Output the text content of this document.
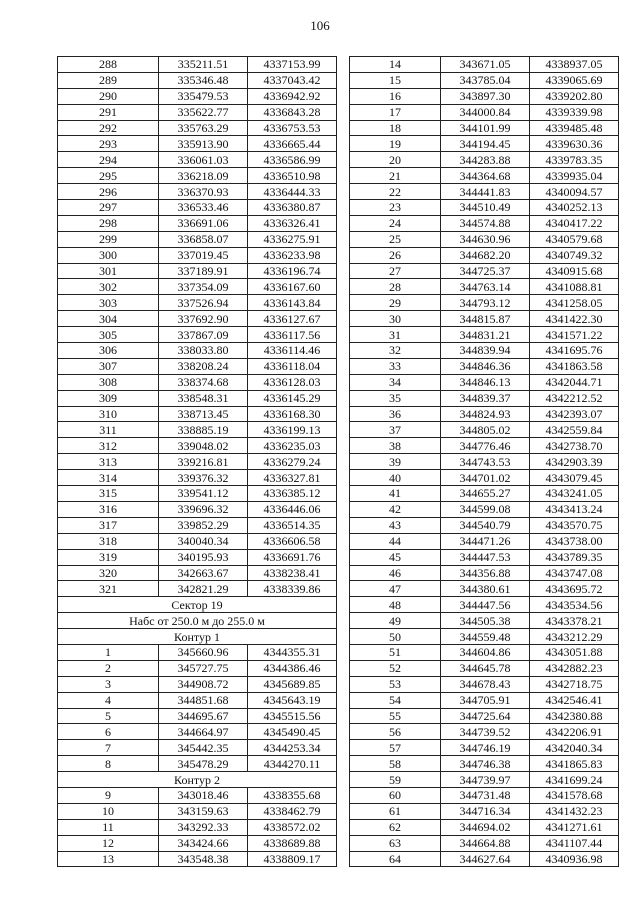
106
288	335211.51	4337153.99
289	335346.48	4337043.42
290	335479.53	4336942.92
291	335622.77	4336843.28
292	335763.29	4336753.53
293	335913.90	4336665.44
294	336061.03	4336586.99
295	336218.09	4336510.98
296	336370.93	4336444.33
297	336533.46	4336380.87
298	336691.06	4336326.41
299	336858.07	4336275.91
300	337019.45	4336233.98
301	337189.91	4336196.74
302	337354.09	4336167.60
303	337526.94	4336143.84
304	337692.90	4336127.67
305	337867.09	4336117.56
306	338033.80	4336114.46
307	338208.24	4336118.04
308	338374.68	4336128.03
309	338548.31	4336145.29
310	338713.45	4336168.30
311	338885.19	4336199.13
312	339048.02	4336235.03
313	339216.81	4336279.24
314	339376.32	4336327.81
315	339541.12	4336385.12
316	339696.32	4336446.06
317	339852.29	4336514.35
318	340040.34	4336606.58
319	340195.93	4336691.76
320	342663.67	4338238.41
321	342821.29	4338339.86
Сектор 19		
Набс от 250.0 м до 255.0 м		
Контур 1		
1	345660.96	4344355.31
2	345727.75	4344386.46
3	344908.72	4345689.85
4	344851.68	4345643.19
5	344695.67	4345515.56
6	344664.97	4345490.45
7	345442.35	4344253.34
8	345478.29	4344270.11
Контур 2		
9	343018.46	4338355.68
10	343159.63	4338462.79
11	343292.33	4338572.02
12	343424.66	4338689.88
13	343548.38	4338809.17
14	343671.05	4338937.05
15	343785.04	4339065.69
16	343897.30	4339202.80
17	344000.84	4339339.98
18	344101.99	4339485.48
19	344194.45	4339630.36
20	344283.88	4339783.35
21	344364.68	4339935.04
22	344441.83	4340094.57
23	344510.49	4340252.13
24	344574.88	4340417.22
25	344630.96	4340579.68
26	344682.20	4340749.32
27	344725.37	4340915.68
28	344763.14	4341088.81
29	344793.12	4341258.05
30	344815.87	4341422.30
31	344831.21	4341571.22
32	344839.94	4341695.76
33	344846.36	4341863.58
34	344846.13	4342044.71
35	344839.37	4342212.52
36	344824.93	4342393.07
37	344805.02	4342559.84
38	344776.46	4342738.70
39	344743.53	4342903.39
40	344701.02	4343079.45
41	344655.27	4343241.05
42	344599.08	4343413.24
43	344540.79	4343570.75
44	344471.26	4343738.00
45	344447.53	4343789.35
46	344356.88	4343747.08
47	344380.61	4343695.72
48	344447.56	4343534.56
49	344505.38	4343378.21
50	344559.48	4343212.29
51	344604.86	4343051.88
52	344645.78	4342882.23
53	344678.43	4342718.75
54	344705.91	4342546.41
55	344725.64	4342380.88
56	344739.52	4342206.91
57	344746.19	4342040.34
58	344746.38	4341865.83
59	344739.97	4341699.24
60	344731.48	4341578.68
61	344716.34	4341432.23
62	344694.02	4341271.61
63	344664.88	4341107.44
64	344627.64	4340936.98
